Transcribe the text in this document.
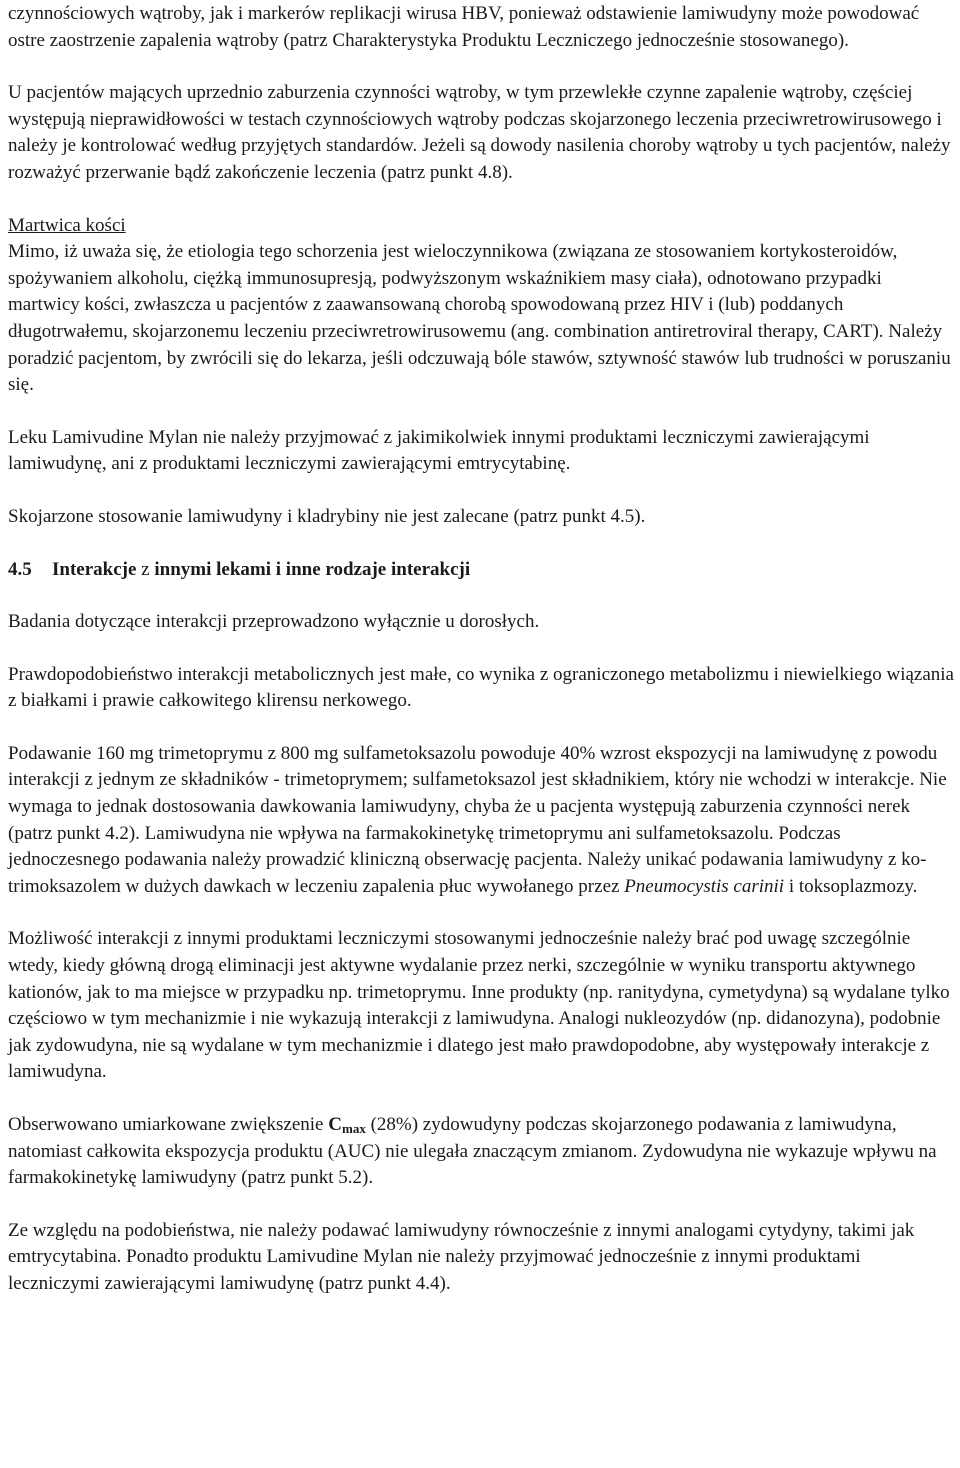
czynnościowych wątroby, jak i markerów replikacji wirusa HBV, ponieważ odstawienie lamiwudyny może powodować ostre zaostrzenie zapalenia wątroby (patrz Charakterystyka Produktu Leczniczego jednocześnie stosowanego).

U pacjentów mających uprzednio zaburzenia czynności wątroby, w tym przewlekłe czynne zapalenie wątroby, częściej występują nieprawidłowości w testach czynnościowych wątroby podczas skojarzonego leczenia przeciwretrowirusowego i należy je kontrolować według przyjętych standardów. Jeżeli są dowody nasilenia choroby wątroby u tych pacjentów, należy rozważyć przerwanie bądź zakończenie leczenia (patrz punkt 4.8).

Martwica kości

Mimo, iż uważa się, że etiologia tego schorzenia jest wieloczynnikowa (związana ze stosowaniem kortykosteroidów, spożywaniem alkoholu, ciężką immunosupresją, podwyższonym wskaźnikiem masy ciała), odnotowano przypadki martwicy kości, zwłaszcza u pacjentów z zaawansowaną chorobą spowodowaną przez HIV i (lub) poddanych długotrwałemu, skojarzonemu leczeniu przeciwretrowirusowemu (ang. combination antiretroviral therapy, CART). Należy poradzić pacjentom, by zwrócili się do lekarza, jeśli odczuwają bóle stawów, sztywność stawów lub trudności w poruszaniu się.

Leku Lamivudine Mylan nie należy przyjmować z jakimikolwiek innymi produktami leczniczymi zawierającymi lamiwudynę, ani z produktami leczniczymi zawierającymi emtrycytabinę.

Skojarzone stosowanie lamiwudyny i kladrybiny nie jest zalecane (patrz punkt 4.5).

4.5 Interakcje z innymi lekami i inne rodzaje interakcji

Badania dotyczące interakcji przeprowadzono wyłącznie u dorosłych.

Prawdopodobieństwo interakcji metabolicznych jest małe, co wynika z ograniczonego metabolizmu i niewielkiego wiązania z białkami i prawie całkowitego klirensu nerkowego.

Podawanie 160 mg trimetoprymu z 800 mg sulfametoksazolu powoduje 40% wzrost ekspozycji na lamiwudynę z powodu interakcji z jednym ze składników - trimetoprymem; sulfametoksazol jest składnikiem, który nie wchodzi w interakcje. Nie wymaga to jednak dostosowania dawkowania lamiwudyny, chyba że u pacjenta występują zaburzenia czynności nerek (patrz punkt 4.2). Lamiwudyna nie wpływa na farmakokinetykę trimetoprymu ani sulfametoksazolu. Podczas jednoczesnego podawania należy prowadzić kliniczną obserwację pacjenta. Należy unikać podawania lamiwudyny z ko-trimoksazolem w dużych dawkach w leczeniu zapalenia płuc wywołanego przez Pneumocystis carinii i toksoplazmozy.

Możliwość interakcji z innymi produktami leczniczymi stosowanymi jednocześnie należy brać pod uwagę szczególnie wtedy, kiedy główną drogą eliminacji jest aktywne wydalanie przez nerki, szczególnie w wyniku transportu aktywnego kationów, jak to ma miejsce w przypadku np. trimetoprymu. Inne produkty (np. ranitydyna, cymetydyna) są wydalane tylko częściowo w tym mechanizmie i nie wykazują interakcji z lamiwudyna. Analogi nukleozydów (np. didanozyna), podobnie jak zydowudyna, nie są wydalane w tym mechanizmie i dlatego jest mało prawdopodobne, aby występowały interakcje z lamiwudyna.

Obserwowano umiarkowane zwiększenie $C_{max}$ (28%) zydowudyny podczas skojarzonego podawania z lamiwudyna, natomiast całkowita ekspozycja produktu (AUC) nie ulegała znaczącym zmianom. Zydowudyna nie wykazuje wpływu na farmakokinetykę lamiwudyny (patrz punkt 5.2).

Ze względu na podobieństwa, nie należy podawać lamiwudyny równocześnie z innymi analogami cytydyny, takimi jak emtrycytabina. Ponadto produktu Lamivudine Mylan nie należy przyjmować jednocześnie z innymi produktami leczniczymi zawierającymi lamiwudynę (patrz punkt 4.4).
